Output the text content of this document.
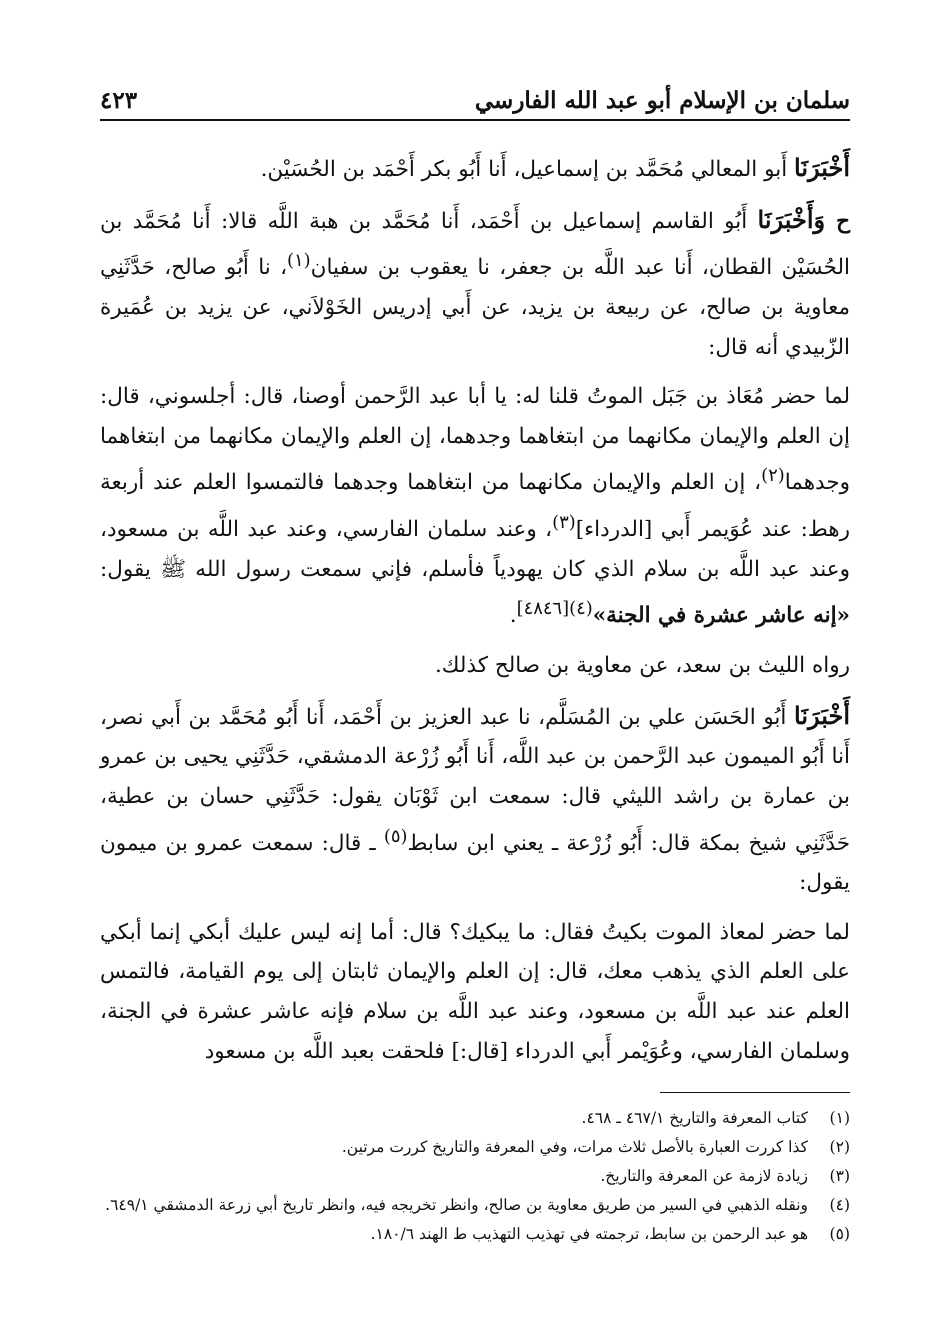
سلمان بن الإسلام أبو عبد الله الفارسي
٤٢٣

أَخْبَرَنَا أَبو المعالي مُحَمَّد بن إسماعيل، أَنا أَبُو بكر أَحْمَد بن الحُسَيْن.

ح وَأَخْبَرَنَا أَبُو القاسم إسماعيل بن أَحْمَد، أَنا مُحَمَّد بن هبة اللَّه قالا: أَنا مُحَمَّد بن الحُسَيْن القطان، أَنا عبد اللَّه بن جعفر، نا يعقوب بن سفيان$^{(١)}$، نا أَبُو صالح، حَدَّثَنِي معاوية بن صالح، عن ربيعة بن يزيد، عن أَبي إدريس الخَوْلاَني، عن يزيد بن عُمَيرة الزّبيدي أنه قال:

لما حضر مُعَاذ بن جَبَل الموتُ قلنا له: يا أبا عبد الرَّحمن أوصنا، قال: أجلسوني، قال: إن العلم والإيمان مكانهما من ابتغاهما وجدهما، إن العلم والإيمان مكانهما من ابتغاهما وجدهما$^{(٢)}$، إن العلم والإيمان مكانهما من ابتغاهما وجدهما فالتمسوا العلم عند أربعة رهط: عند عُوَيمر أَبي [الدرداء]$^{(٣)}$، وعند سلمان الفارسي، وعند عبد اللَّه بن مسعود، وعند عبد اللَّه بن سلام الذي كان يهودياً فأسلم، فإني سمعت رسول الله ﷺ يقول: «إنه عاشر عشرة في الجنة»$^{(٤)[٤٨٤٦]}$.

رواه الليث بن سعد، عن معاوية بن صالح كذلك.

أَخْبَرَنَا أَبُو الحَسَن علي بن المُسَلَّم، نا عبد العزيز بن أَحْمَد، أَنا أَبُو مُحَمَّد بن أَبي نصر، أَنا أَبُو الميمون عبد الرَّحمن بن عبد اللَّه، أَنا أَبُو زُرْعة الدمشقي، حَدَّثَنِي يحيى بن عمرو بن عمارة بن راشد الليثي قال: سمعت ابن ثَوْبَان يقول: حَدَّثَنِي حسان بن عطية، حَدَّثَنِي شيخ بمكة قال: أَبُو زُرْعة ـ يعني ابن سابط$^{(٥)}$ ـ قال: سمعت عمرو بن ميمون يقول:

لما حضر لمعاذ الموت بكيتُ فقال: ما يبكيك؟ قال: أما إنه ليس عليك أبكي إنما أبكي على العلم الذي يذهب معك، قال: إن العلم والإيمان ثابتان إلى يوم القيامة، فالتمس العلم عند عبد اللَّه بن مسعود، وعند عبد اللَّه بن سلام فإنه عاشر عشرة في الجنة، وسلمان الفارسي، وعُوَيْمر أَبي الدرداء [قال:] فلحقت بعبد اللَّه بن مسعود

(١)
كتاب المعرفة والتاريخ ٤٦٧/١ ـ ٤٦٨.
(٢)
كذا كررت العبارة بالأصل ثلاث مرات، وفي المعرفة والتاريخ كررت مرتين.
(٣)
زيادة لازمة عن المعرفة والتاريخ.
(٤)
ونقله الذهبي في السير من طريق معاوية بن صالح، وانظر تخريجه فيه، وانظر تاريخ أبي زرعة الدمشقي ٦٤٩/١.
(٥)
هو عبد الرحمن بن سابط، ترجمته في تهذيب التهذيب ط الهند ١٨٠/٦.
